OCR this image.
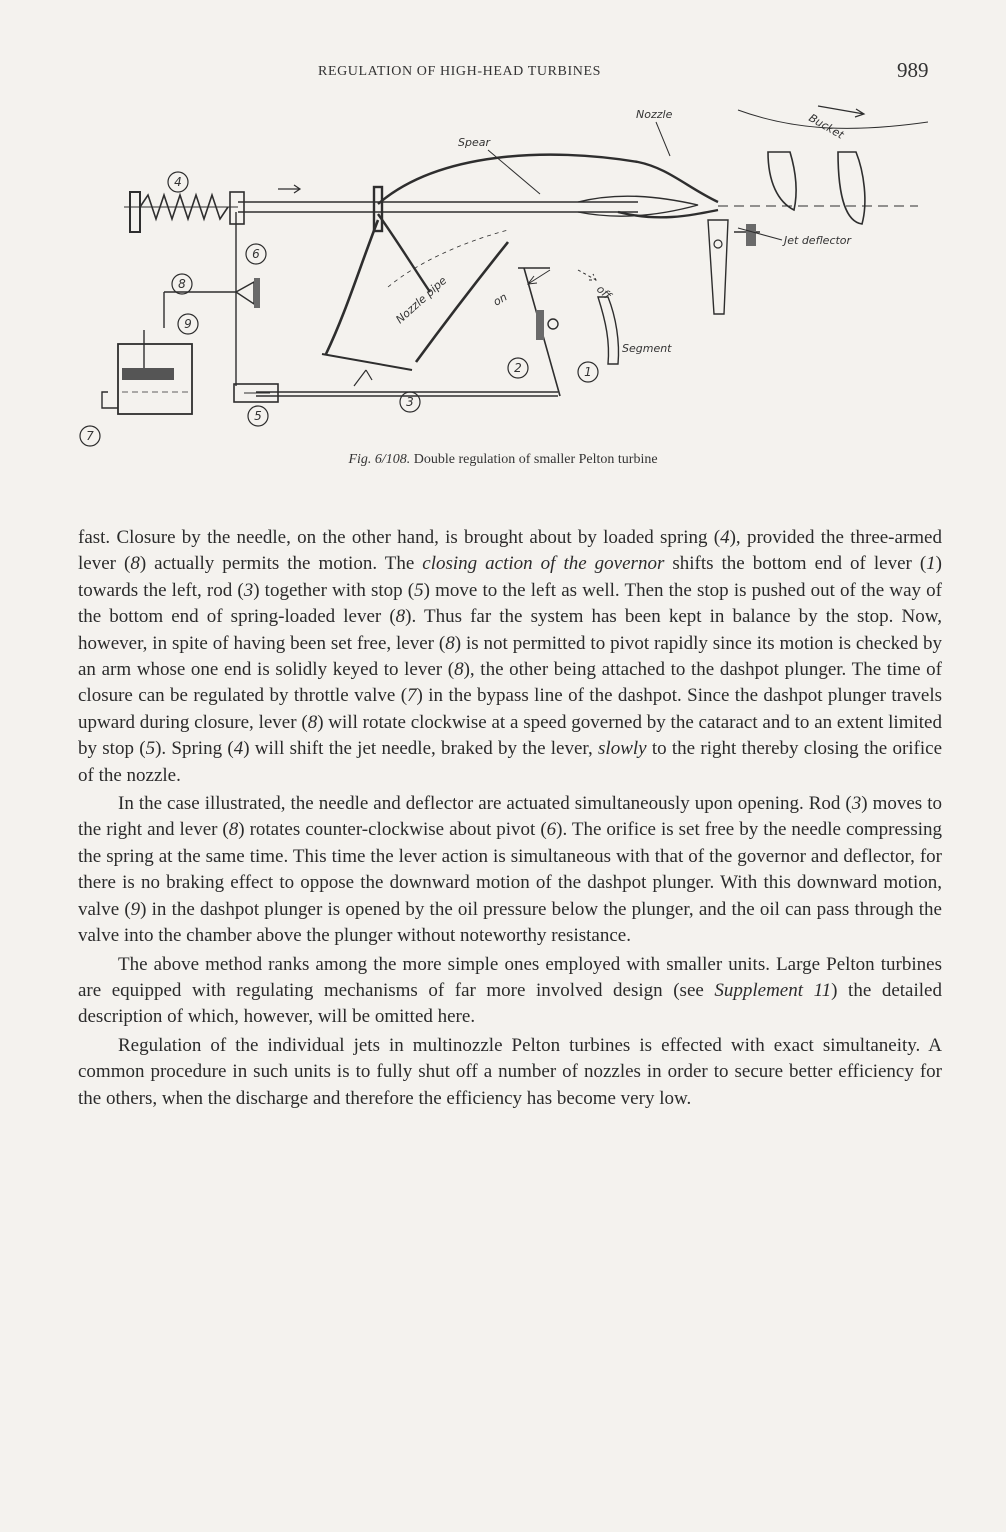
REGULATION OF HIGH-HEAD TURBINES	989
4
8
6
9
7
5
3
2	1
Nozzle	Bucket
Spear
Jet deflector
Nozzle pipe	on	off
Segment
Fig. 6/108. Double regulation of smaller Pelton turbine

fast. Closure by the needle, on the other hand, is brought about by loaded spring (4), provided the three-armed lever (8) actually permits the motion. The closing action of the governor shifts the bottom end of lever (1) towards the left, rod (3) together with stop (5) move to the left as well. Then the stop is pushed out of the way of the bottom end of spring-loaded lever (8). Thus far the system has been kept in balance by the stop. Now, however, in spite of having been set free, lever (8) is not permitted to pivot rapidly since its motion is checked by an arm whose one end is solidly keyed to lever (8), the other being attached to the dashpot plunger. The time of closure can be regulated by throttle valve (7) in the bypass line of the dashpot. Since the dashpot plunger travels upward during closure, lever (8) will rotate clockwise at a speed governed by the cataract and to an extent limited by stop (5). Spring (4) will shift the jet needle, braked by the lever, slowly to the right thereby closing the orifice of the nozzle.

In the case illustrated, the needle and deflector are actuated simultaneously upon opening. Rod (3) moves to the right and lever (8) rotates counter-clockwise about pivot (6). The orifice is set free by the needle compressing the spring at the same time. This time the lever action is simultaneous with that of the governor and deflector, for there is no braking effect to oppose the downward motion of the dashpot plunger. With this downward motion, valve (9) in the dashpot plunger is opened by the oil pressure below the plunger, and the oil can pass through the valve into the chamber above the plunger without noteworthy resistance.

The above method ranks among the more simple ones employed with smaller units. Large Pelton turbines are equipped with regulating mechanisms of far more involved design (see Supplement 11) the detailed description of which, however, will be omitted here.

Regulation of the individual jets in multinozzle Pelton turbines is effected with exact simultaneity. A common procedure in such units is to fully shut off a number of nozzles in order to secure better efficiency for the others, when the discharge and therefore the efficiency has become very low.
